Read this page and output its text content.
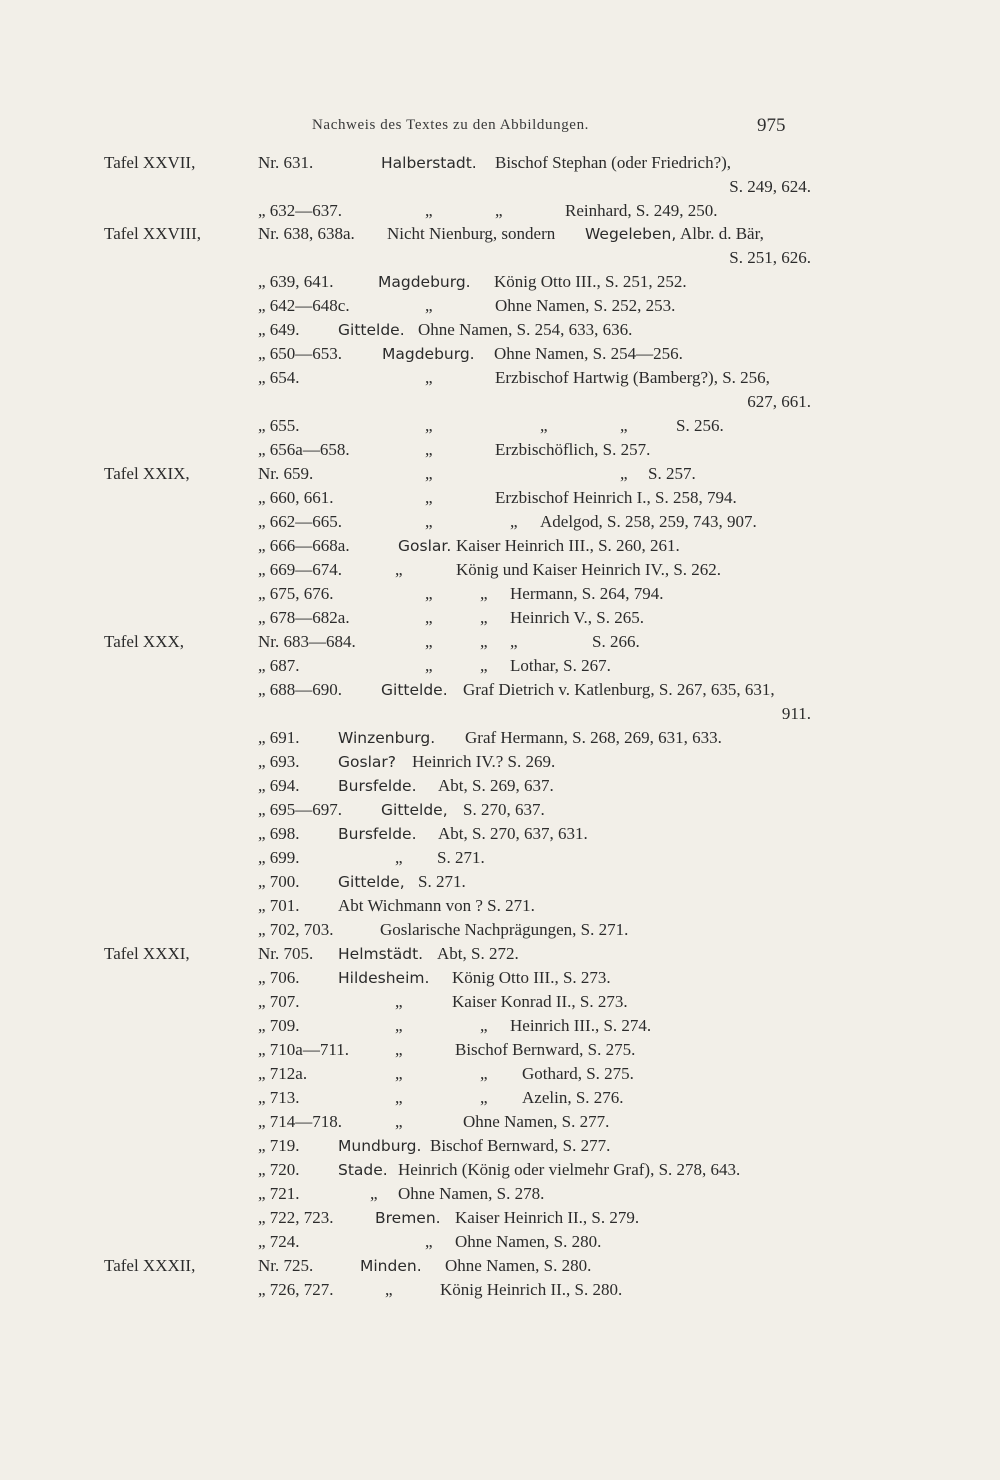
Nachweis des Textes zu den Abbildungen.	975
Tafel XXVII,	Nr. 631.	Halberstadt. Bischof Stephan (oder Friedrich?),
S. 249, 624.
„ 632—637.	„	„	Reinhard, S. 249, 250.
Tafel XXVIII,	Nr. 638, 638a. Nicht Nienburg, sondern Wegeleben, Albr. d. Bär,
S. 251, 626.
„ 639, 641.	Magdeburg. König Otto III., S. 251, 252.
„ 642—648c.	„	Ohne Namen, S. 252, 253.
„ 649. Gittelde. Ohne Namen, S. 254, 633, 636.
„ 650—653.	Magdeburg. Ohne Namen, S. 254—256.
„ 654.	„	Erzbischof Hartwig (Bamberg?), S. 256,
627, 661.
„ 655.	„	„	„	S. 256.
„ 656a—658.	„	Erzbischöflich, S. 257.
Tafel XXIX,	Nr. 659.	„	„ S. 257.
„ 660, 661.	„	Erzbischof Heinrich I., S. 258, 794.
„ 662—665.	„	„ Adelgod, S. 258, 259, 743, 907.
„ 666—668a.	Goslar. Kaiser Heinrich III., S. 260, 261.
„ 669—674.	„	König und Kaiser Heinrich IV., S. 262.
„ 675, 676.	„	„ Hermann, S. 264, 794.
„ 678—682a.	„	„ Heinrich V., S. 265.
Tafel XXX,	Nr. 683—684.	„	„ „	S. 266.
„ 687.	„	„ Lothar, S. 267.
„ 688—690.	Gittelde. Graf Dietrich v. Katlenburg, S. 267, 635, 631,
911.
„ 691. Winzenburg. Graf Hermann, S. 268, 269, 631, 633.
„ 693. Goslar? Heinrich IV.? S. 269.
„ 694. Bursfelde. Abt, S. 269, 637.
„ 695—697.	Gittelde, S. 270, 637.
„ 698. Bursfelde. Abt, S. 270, 637, 631.
„ 699.	„ S. 271.
„ 700. Gittelde, S. 271.
„ 701. Abt Wichmann von ? S. 271.
„ 702, 703.	Goslarische Nachprägungen, S. 271.
Tafel XXXI,	Nr. 705. Helmstädt. Abt, S. 272.
„ 706. Hildesheim. König Otto III., S. 273.
„ 707.	„	Kaiser Konrad II., S. 273.
„ 709.	„	„ Heinrich III., S. 274.
„ 710a—711.	„	Bischof Bernward, S. 275.
„ 712a.	„	„ Gothard, S. 275.
„ 713.	„	„ Azelin, S. 276.
„ 714—718.	„	Ohne Namen, S. 277.
„ 719. Mundburg. Bischof Bernward, S. 277.
„ 720. Stade. Heinrich (König oder vielmehr Graf), S. 278, 643.
„ 721.	„ Ohne Namen, S. 278.
„ 722, 723.	Bremen. Kaiser Heinrich II., S. 279.
„ 724.	„ Ohne Namen, S. 280.
Tafel XXXII,	Nr. 725.	Minden. Ohne Namen, S. 280.
„ 726, 727.	„	König Heinrich II., S. 280.
